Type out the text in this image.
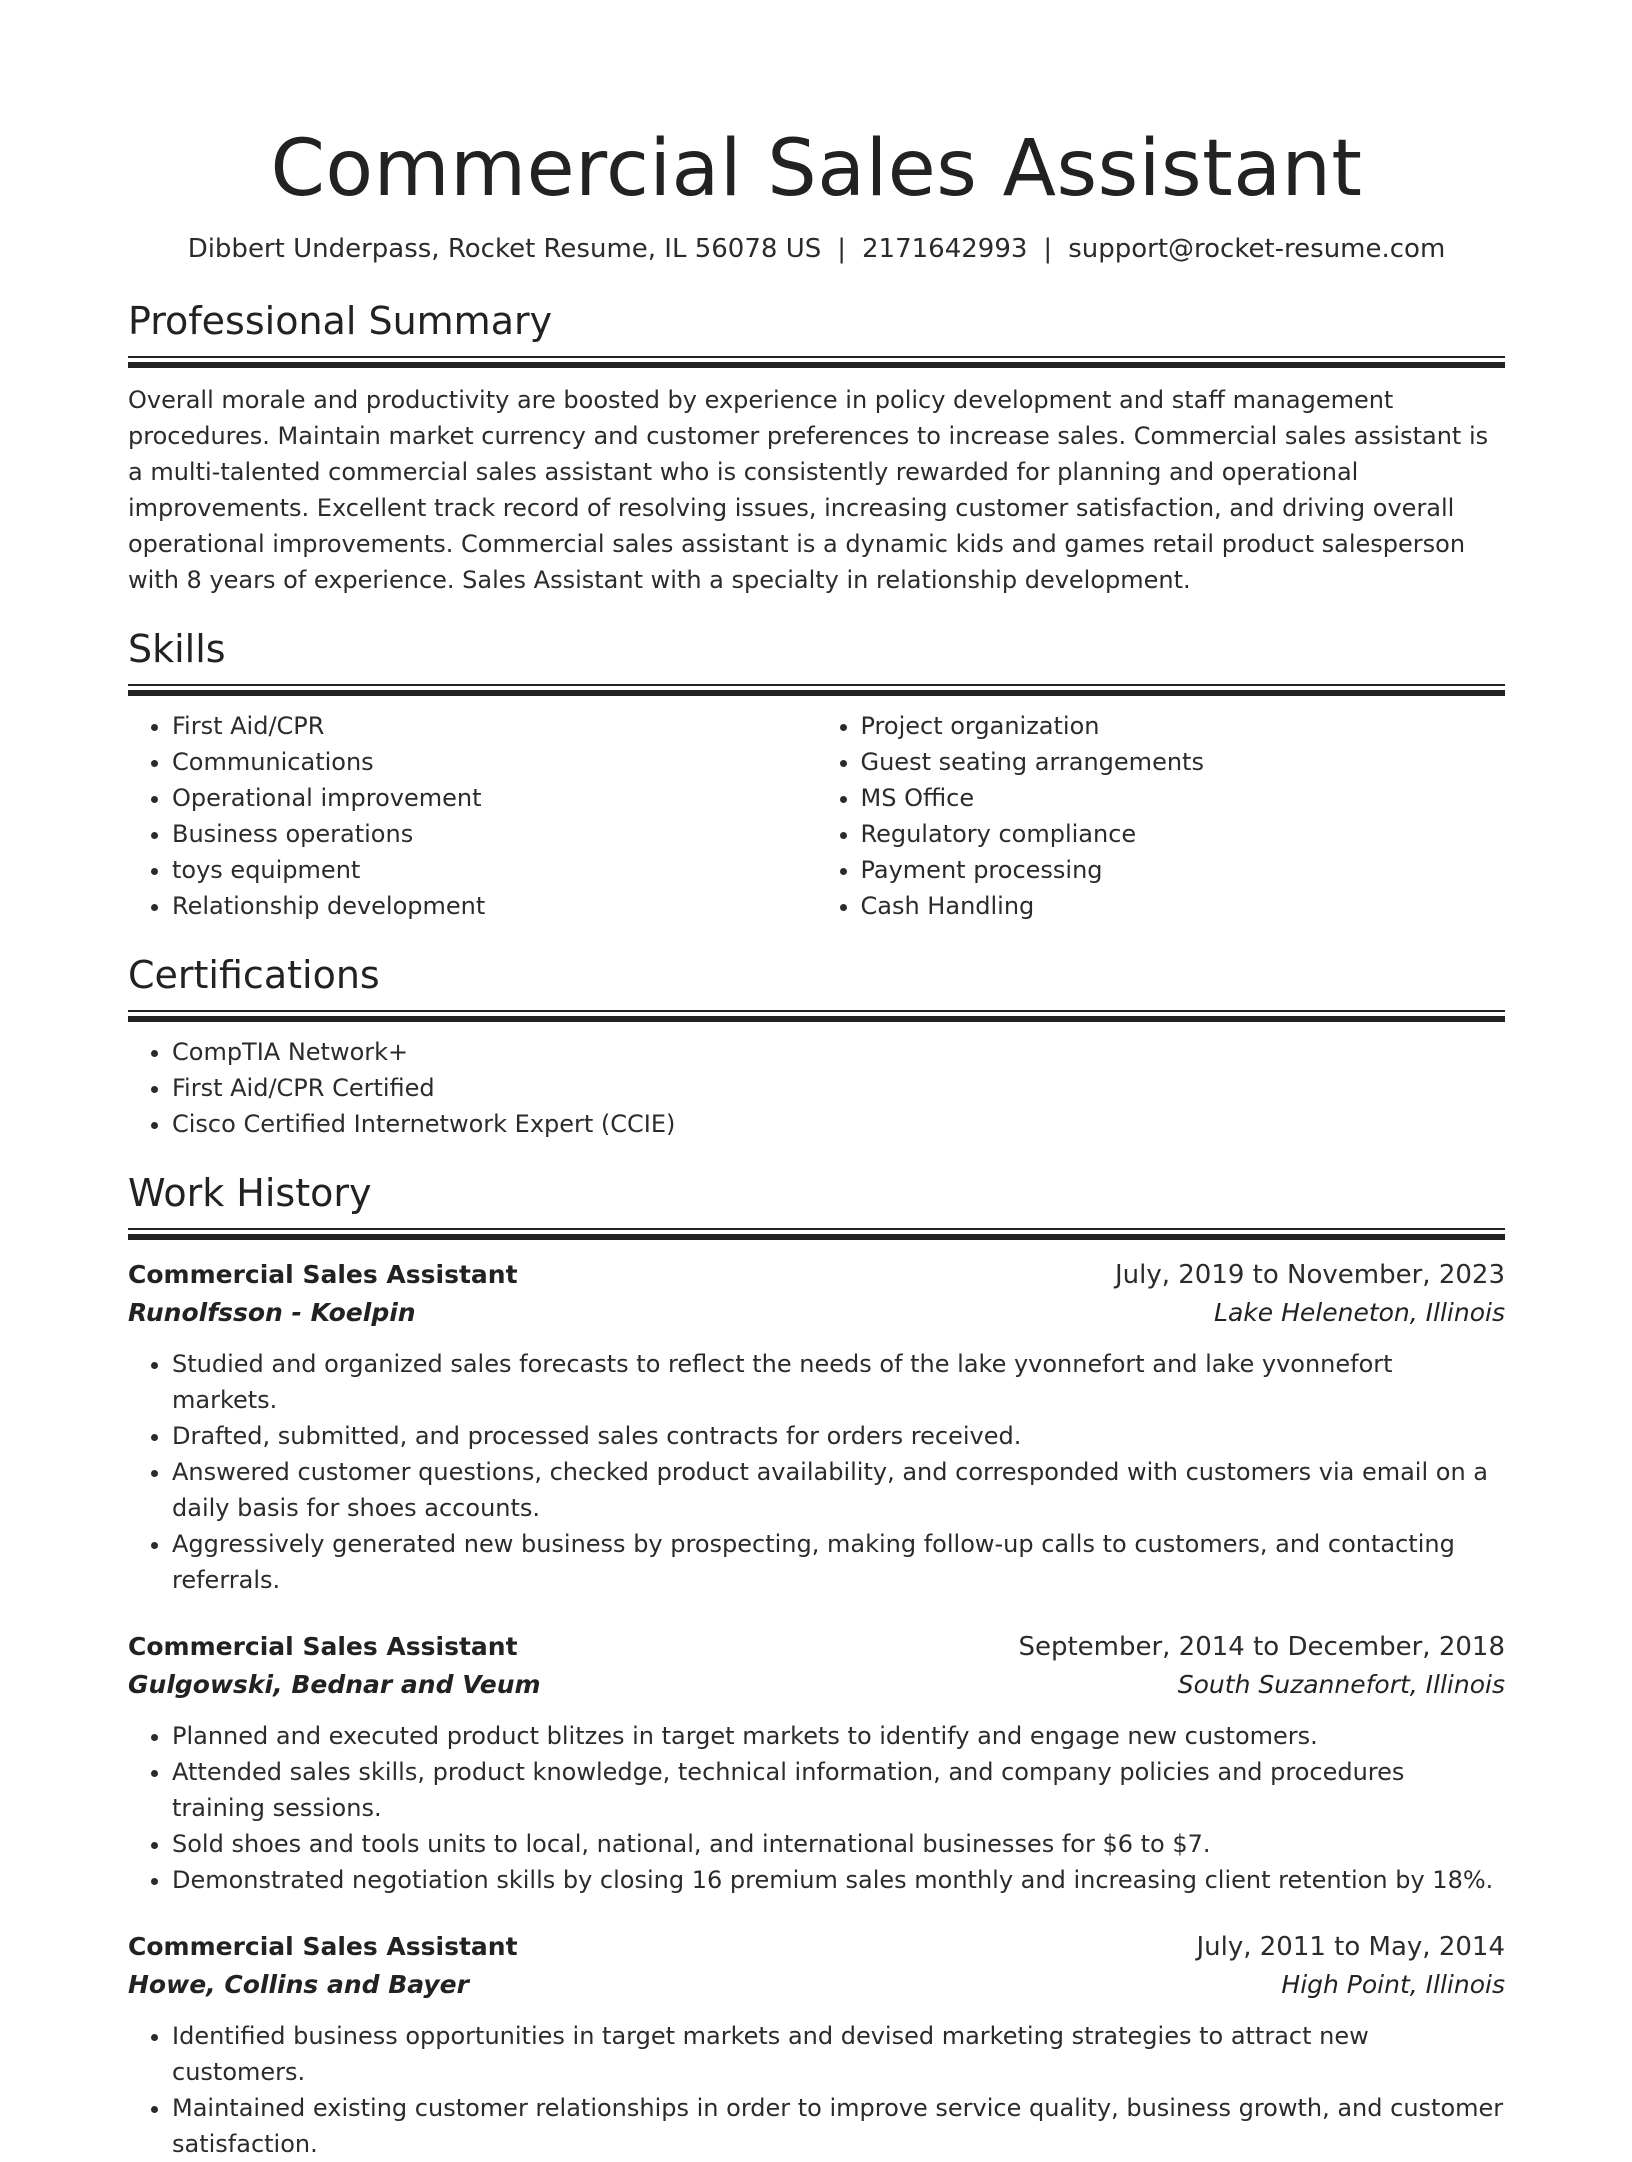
Commercial Sales Assistant
Dibbert Underpass, Rocket Resume, IL 56078 US | 2171642993 | support@rocket-resume.com
Professional Summary
Overall morale and productivity are boosted by experience in policy development and staff management procedures. Maintain market currency and customer preferences to increase sales. Commercial sales assistant is a multi-talented commercial sales assistant who is consistently rewarded for planning and operational improvements. Excellent track record of resolving issues, increasing customer satisfaction, and driving overall operational improvements. Commercial sales assistant is a dynamic kids and games retail product salesperson with 8 years of experience. Sales Assistant with a specialty in relationship development.
Skills
• First Aid/CPR
• Communications
• Operational improvement
• Business operations
• toys equipment
• Relationship development
• Project organization
• Guest seating arrangements
• MS Office
• Regulatory compliance
• Payment processing
• Cash Handling
Certifications
• CompTIA Network+
• First Aid/CPR Certified
• Cisco Certified Internetwork Expert (CCIE)
Work History
Commercial Sales Assistant	July, 2019 to November, 2023
Runolfsson - Koelpin	Lake Heleneton, Illinois
• Studied and organized sales forecasts to reflect the needs of the lake yvonnefort and lake yvonnefort markets.
• Drafted, submitted, and processed sales contracts for orders received.
• Answered customer questions, checked product availability, and corresponded with customers via email on a daily basis for shoes accounts.
• Aggressively generated new business by prospecting, making follow-up calls to customers, and contacting referrals.
Commercial Sales Assistant	September, 2014 to December, 2018
Gulgowski, Bednar and Veum	South Suzannefort, Illinois
• Planned and executed product blitzes in target markets to identify and engage new customers.
• Attended sales skills, product knowledge, technical information, and company policies and procedures training sessions.
• Sold shoes and tools units to local, national, and international businesses for $6 to $7.
• Demonstrated negotiation skills by closing 16 premium sales monthly and increasing client retention by 18%.
Commercial Sales Assistant	July, 2011 to May, 2014
Howe, Collins and Bayer	High Point, Illinois
• Identified business opportunities in target markets and devised marketing strategies to attract new customers.
• Maintained existing customer relationships in order to improve service quality, business growth, and customer satisfaction.
